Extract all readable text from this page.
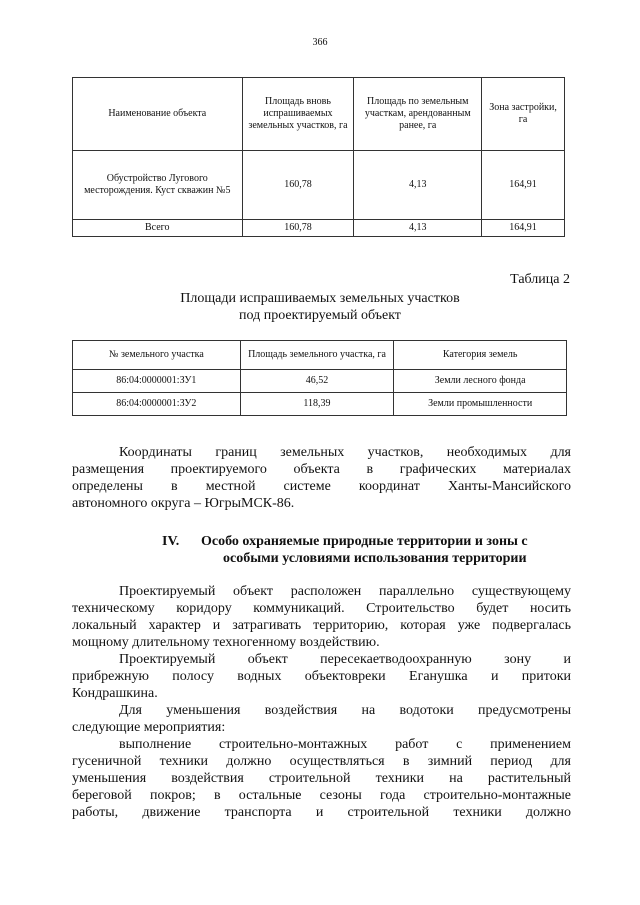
366
Наименование объекта	Площадь вновь испрашиваемых земельных участков, га	Площадь по земельным участкам, арендованным ранее, га	Зона застройки, га
Обустройство Лугового месторождения. Куст скважин №5	160,78	4,13	164,91
Всего	160,78	4,13	164,91
Таблица 2
Площади испрашиваемых земельных участков
под проектируемый объект
№ земельного участка	Площадь земельного участка, га	Категория земель
86:04:0000001:ЗУ1	46,52	Земли лесного фонда
86:04:0000001:ЗУ2	118,39	Земли промышленности
Координаты границ земельных участков, необходимых для
размещения проектируемого объекта в графических материалах
определены в местной системе координат Ханты-Мансийского
автономного округа – ЮгрыМСК-86.
IV. Особо охраняемые природные территории и зоны с
особыми условиями использования территории
Проектируемый объект расположен параллельно существующему
техническому коридору коммуникаций. Строительство будет носить
локальный характер и затрагивать территорию, которая уже подвергалась
мощному длительному техногенному воздействию.
Проектируемый объект пересекаетводоохранную зону и
прибрежную полосу водных объектовреки Еганушка и притоки
Кондрашкина.
Для уменьшения воздействия на водотоки предусмотрены
следующие мероприятия:
выполнение строительно-монтажных работ с применением
гусеничной техники должно осуществляться в зимний период для
уменьшения воздействия строительной техники на растительный
береговой покров; в остальные сезоны года строительно-монтажные
работы, движение транспорта и строительной техники должно
